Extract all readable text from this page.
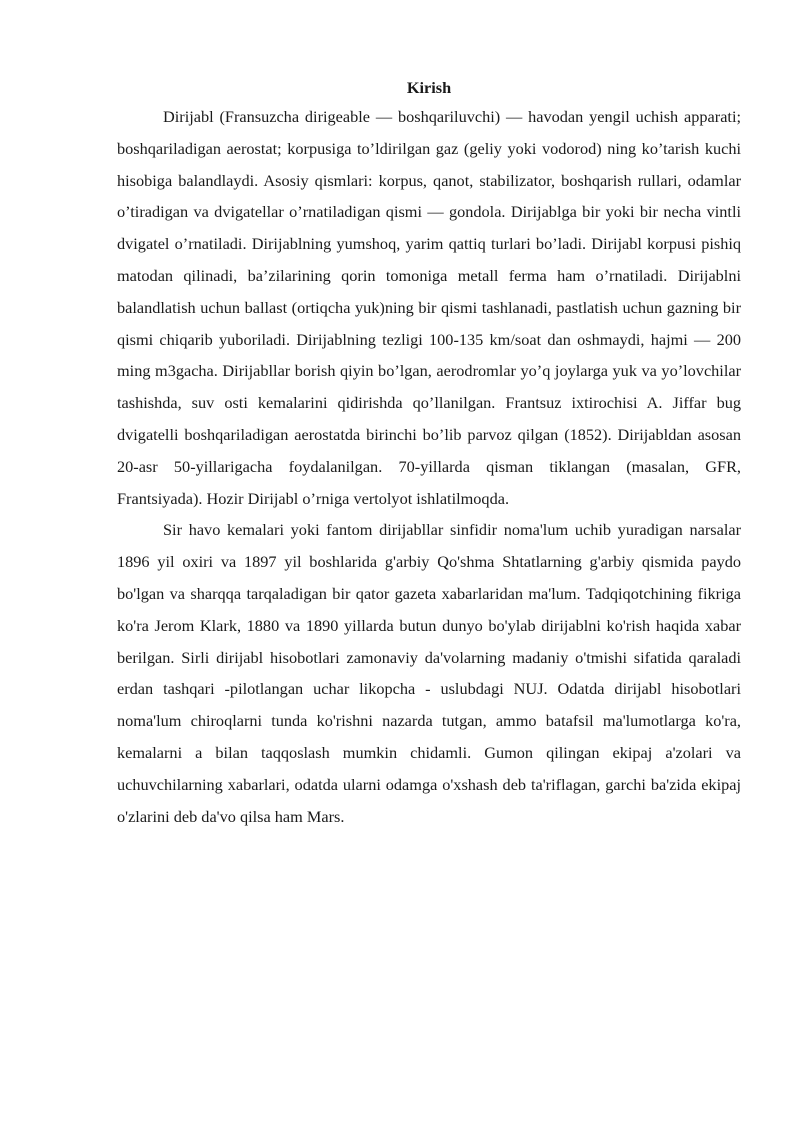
Kirish

Dirijabl (Fransuzcha dirigeable — boshqariluvchi) — havodan yengil uchish apparati; boshqariladigan aerostat; korpusiga to’ldirilgan gaz (geliy yoki vodorod) ning ko’tarish kuchi hisobiga balandlaydi. Asosiy qismlari: korpus, qanot, stabilizator, boshqarish rullari, odamlar o’tiradigan va dvigatellar o’rnatiladigan qismi — gondola. Dirijablga bir yoki bir necha vintli dvigatel o’rnatiladi. Dirijablning yumshoq, yarim qattiq turlari bo’ladi. Dirijabl korpusi pishiq matodan qilinadi, ba’zilarining qorin tomoniga metall ferma ham o’rnatiladi. Dirijablni balandlatish uchun ballast (ortiqcha yuk)ning bir qismi tashlanadi, pastlatish uchun gazning bir qismi chiqarib yuboriladi. Dirijablning tezligi 100-135 km/soat dan oshmaydi, hajmi — 200 ming m3gacha. Dirijabllar borish qiyin bo’lgan, aerodromlar yo’q joylarga yuk va yo’lovchilar tashishda, suv osti kemalarini qidirishda qo’llanilgan. Frantsuz ixtirochisi A. Jiffar bug dvigatelli boshqariladigan aerostatda birinchi bo’lib parvoz qilgan (1852). Dirijabldan asosan 20-asr 50-yillarigacha foydalanilgan. 70-yillarda qisman tiklangan (masalan, GFR, Frantsiyada). Hozir Dirijabl o’rniga vertolyot ishlatilmoqda.

Sir havo kemalari yoki fantom dirijabllar sinfidir noma'lum uchib yuradigan narsalar 1896 yil oxiri va 1897 yil boshlarida g'arbiy Qo'shma Shtatlarning g'arbiy qismida paydo bo'lgan va sharqqa tarqaladigan bir qator gazeta xabarlaridan ma'lum. Tadqiqotchining fikriga ko'ra Jerom Klark, 1880 va 1890 yillarda butun dunyo bo'ylab dirijablni ko'rish haqida xabar berilgan. Sirli dirijabl hisobotlari zamonaviy da'volarning madaniy o'tmishi sifatida qaraladi erdan tashqari -pilotlangan uchar likopcha - uslubdagi NUJ. Odatda dirijabl hisobotlari noma'lum chiroqlarni tunda ko'rishni nazarda tutgan, ammo batafsil ma'lumotlarga ko'ra, kemalarni a bilan taqqoslash mumkin chidamli. Gumon qilingan ekipaj a'zolari va uchuvchilarning xabarlari, odatda ularni odamga o'xshash deb ta'riflagan, garchi ba'zida ekipaj o'zlarini deb da'vo qilsa ham Mars.
